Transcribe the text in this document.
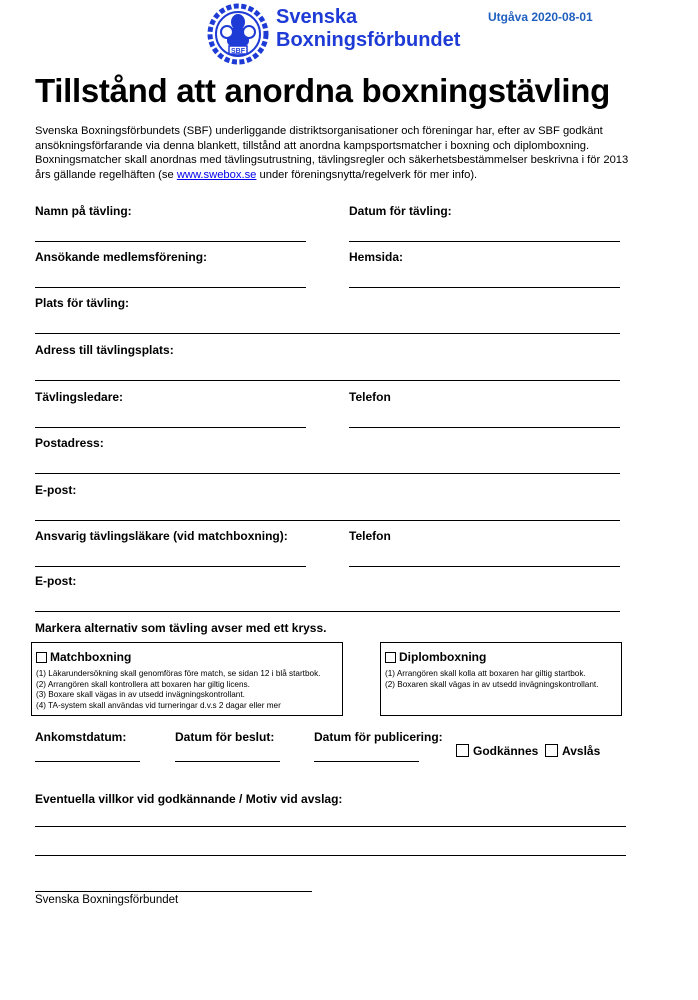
SBF
Svenska
Boxningsförbundet
Utgåva 2020-08-01
Tillstånd att anordna boxningstävling
Svenska Boxningsförbundets (SBF) underliggande distriktsorganisationer och föreningar har, efter av SBF godkänt ansökningsförfarande via denna blankett, tillstånd att anordna kampsportsmatcher i boxning och diplomboxning. Boxningsmatcher skall anordnas med tävlingsutrustning, tävlingsregler och säkerhetsbestämmelser beskrivna i för 2013 års gällande regelhäften (se www.swebox.se under föreningsnytta/regelverk för mer info).
Namn på tävling:	Datum för tävling:
Ansökande medlemsförening:	Hemsida:
Plats för tävling:
Adress till tävlingsplats:
Tävlingsledare:	Telefon
Postadress:
E-post:
Ansvarig tävlingsläkare (vid matchboxning):	Telefon
E-post:
Markera alternativ som tävling avser med ett kryss.
Matchboxning
(1) Läkarundersökning skall genomföras före match, se sidan 12 i blå startbok.
(2) Arrangören skall kontrollera att boxaren har giltig licens.
(3) Boxare skall vägas in av utsedd invägningskontrollant.
(4) TA-system skall användas vid turneringar d.v.s 2 dagar eller mer
Diplomboxning
(1) Arrangören skall kolla att boxaren har giltig startbok.
(2) Boxaren skall vägas in av utsedd invägningskontrollant.
Ankomstdatum:	Datum för beslut:	Datum för publicering:
Godkännes	Avslås
Eventuella villkor vid godkännande / Motiv vid avslag:
Svenska Boxningsförbundet
